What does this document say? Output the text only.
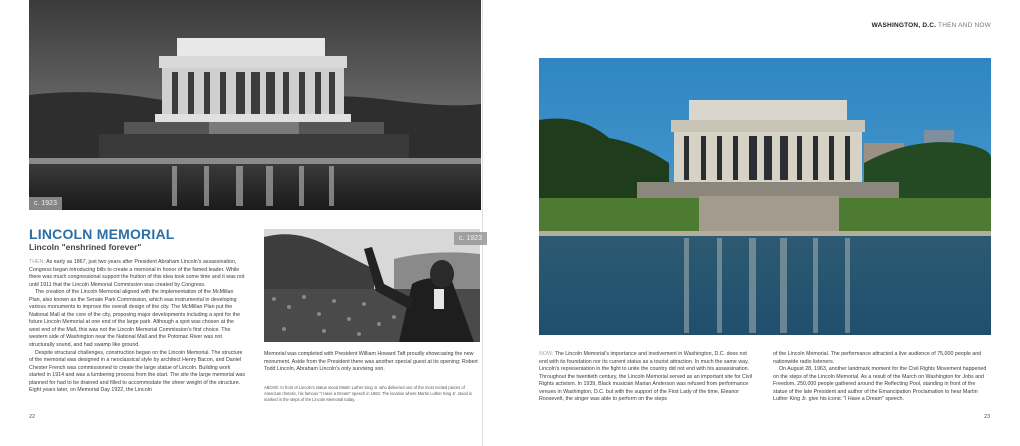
c. 1923
LINCOLN MEMORIAL
Lincoln "enshrined forever"

THEN: As early as 1867, just two years after President Abraham Lincoln's assassination, Congress began introducing bills to create a memorial in honor of the famed leader. While there was much congressional support the fruition of this idea took some time and it was not until 1911 that the Lincoln Memorial Commission was created by Congress.

The creation of the Lincoln Memorial aligned with the implementation of the McMillan Plan, also known as the Senate Park Commission, which was instrumental in developing various monuments to improve the overall design of the city. The McMillan Plan put the National Mall at the core of the city, proposing major developments including a spot for the future Lincoln Memorial at one end of the large park. Although a spot was chosen at the west end of the Mall, this was not the Lincoln Memorial Commission's first choice. The western side of Washington near the National Mall and the Potomac River was not structurally sound, and had swamp like ground.

Despite structural challenges, construction began on the Lincoln Memorial. The structure of the memorial was designed in a neoclassical style by architect Henry Bacon, and Daniel Chester French was commissioned to create the large statue of Lincoln. Building work started in 1914 and was a lumbering process from the start. The site the large memorial was planned for had to be drained and filled to accommodate the sheer weight of the structure. Eight years later, on Memorial Day 1922, the Lincoln

c. 1923

Memorial was completed with President William Howard Taft proudly showcasing the new monument. Aside from the President there was another special guest at its opening: Robert Todd Lincoln, Abraham Lincoln's only surviving son.

ABOVE: In front of Lincoln's statue stood Martin Luther King Jr. who delivered one of the most recited pieces of American rhetoric, his famous "I Have a Dream" speech in 1963. The location where Martin Luther King Jr. stood is marked in the steps of the Lincoln Memorial today.

22
WASHINGTON, D.C. THEN AND NOW

NOW: The Lincoln Memorial's importance and involvement in Washington, D.C. does not end with its foundation nor its current status as a tourist attraction. In much the same way, Lincoln's representation in the fight to unite the country did not end with his assassination. Throughout the twentieth century, the Lincoln Memorial served as an important site for Civil Rights activism. In 1939, Black musician Marian Anderson was refused from performance venues in Washington, D.C. but with the support of the First Lady of the time, Eleanor Roosevelt, the singer was able to perform on the steps

of the Lincoln Memorial. The performance attracted a live audience of 75,000 people and nationwide radio listeners.

On August 28, 1963, another landmark moment for the Civil Rights Movement happened on the steps of the Lincoln Memorial. As a result of the March on Washington for Jobs and Freedom, 250,000 people gathered around the Reflecting Pool, standing in front of the statue of the late President and author of the Emancipation Proclamation to hear Martin Luther King Jr. give his iconic "I Have a Dream" speech.

23
